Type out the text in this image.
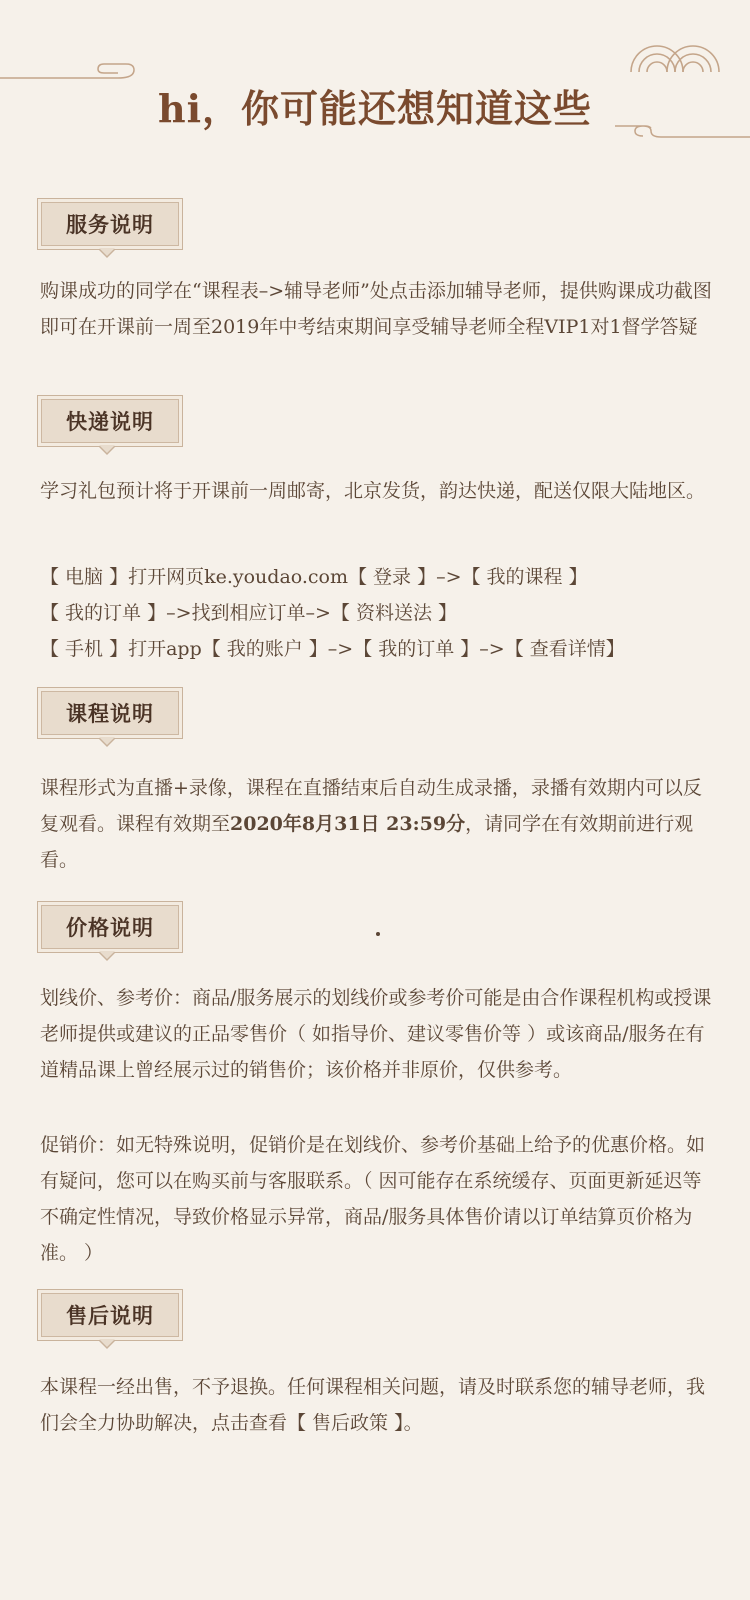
hi，你可能还想知道这些
服务说明
购课成功的同学在“课程表–>辅导老师”处点击添加辅导老师，提供购课成功截图即可在开课前一周至2019年中考结束期间享受辅导老师全程VIP1对1督学答疑
快递说明
学习礼包预计将于开课前一周邮寄，北京发货，韵达快递，配送仅限大陆地区。
【 电脑 】打开网页ke.youdao.com【 登录 】–>【 我的课程 】
【 我的订单 】–>找到相应订单–>【 资料送法 】
【 手机 】打开app【 我的账户 】–>【 我的订单 】–>【 查看详情】
课程说明
课程形式为直播+录像，课程在直播结束后自动生成录播，录播有效期内可以反复观看。课程有效期至2020年8月31日 23:59分，请同学在有效期前进行观看。
价格说明
划线价、参考价：商品/服务展示的划线价或参考价可能是由合作课程机构或授课老师提供或建议的正品零售价（ 如指导价、建议零售价等 ）或该商品/服务在有道精品课上曾经展示过的销售价；该价格并非原价，仅供参考。
促销价：如无特殊说明，促销价是在划线价、参考价基础上给予的优惠价格。如有疑问，您可以在购买前与客服联系。（ 因可能存在系统缓存、页面更新延迟等不确定性情况，导致价格显示异常，商品/服务具体售价请以订单结算页价格为准。 ）
售后说明
本课程一经出售，不予退换。任何课程相关问题，请及时联系您的辅导老师，我们会全力协助解决，点击查看【 售后政策 】。
